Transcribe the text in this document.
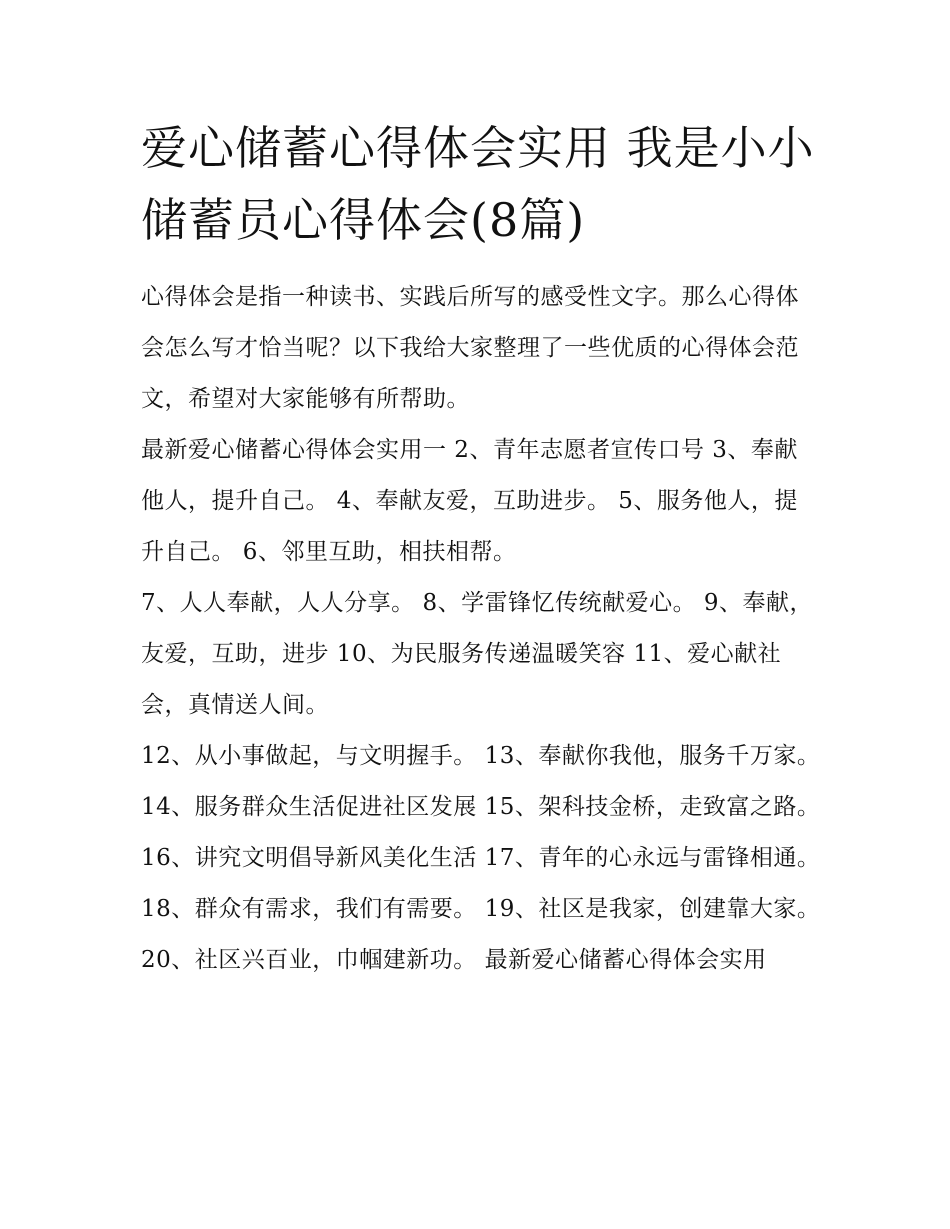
爱心储蓄心得体会实用 我是小小储蓄员心得体会(8篇)

心得体会是指一种读书、实践后所写的感受性文字。那么心得体会怎么写才恰当呢？以下我给大家整理了一些优质的心得体会范文，希望对大家能够有所帮助。

最新爱心储蓄心得体会实用一 2、青年志愿者宣传口号 3、奉献他人，提升自己。 4、奉献友爱，互助进步。 5、服务他人，提升自己。 6、邻里互助，相扶相帮。

7、人人奉献，人人分享。 8、学雷锋忆传统献爱心。 9、奉献，友爱，互助，进步 10、为民服务传递温暖笑容 11、爱心献社会，真情送人间。

12、从小事做起，与文明握手。 13、奉献你我他，服务千万家。 14、服务群众生活促进社区发展 15、架科技金桥，走致富之路。

16、讲究文明倡导新风美化生活 17、青年的心永远与雷锋相通。 18、群众有需求，我们有需要。 19、社区是我家，创建靠大家。

20、社区兴百业，巾帼建新功。 最新爱心储蓄心得体会实用
